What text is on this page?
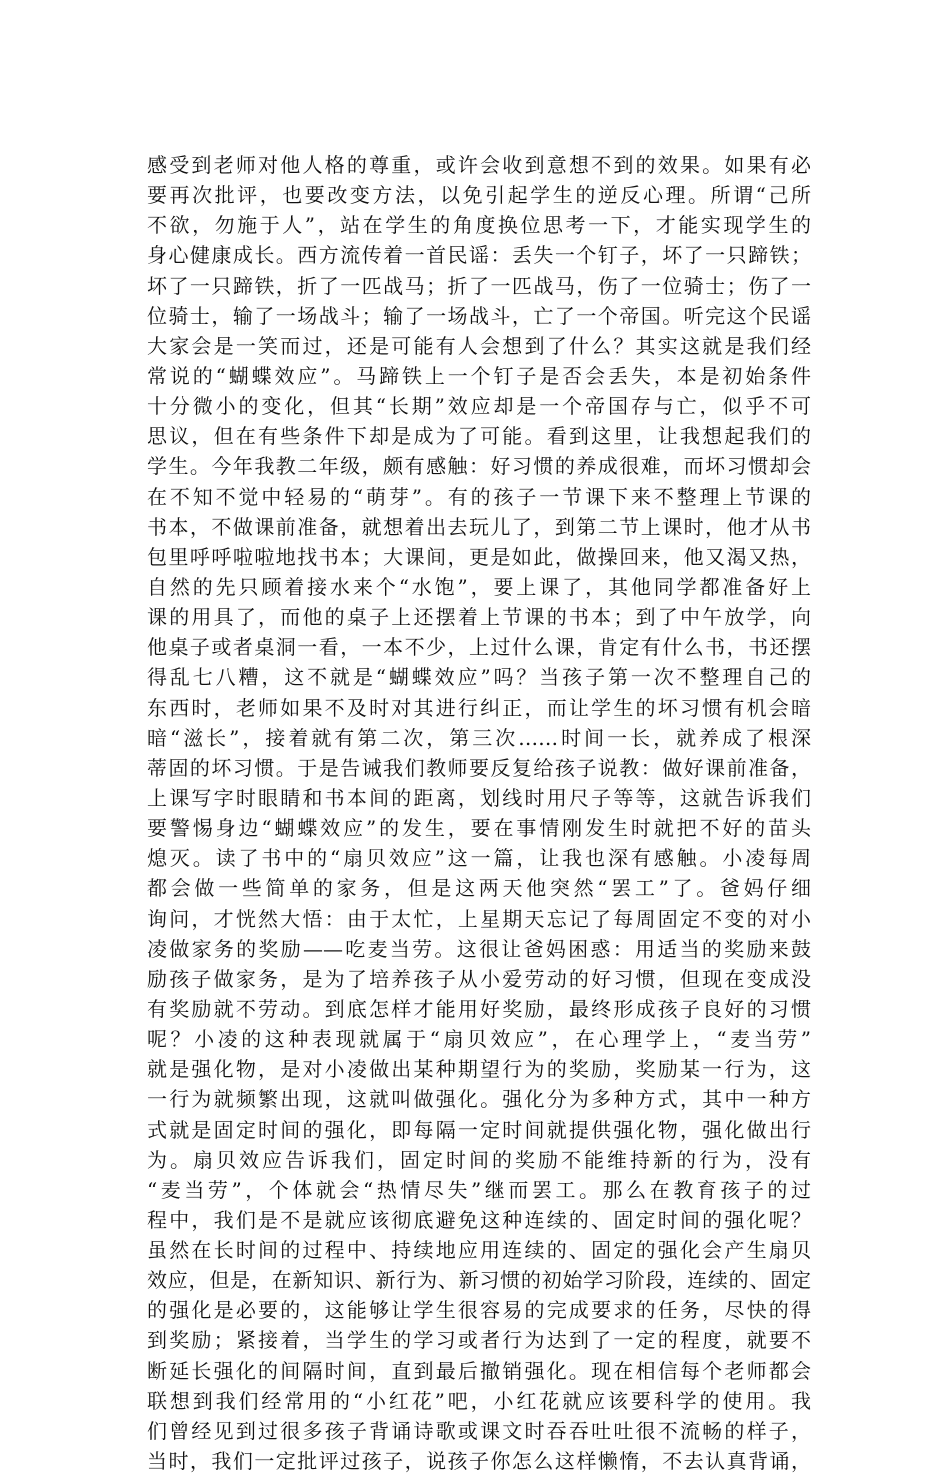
感受到老师对他人格的尊重，或许会收到意想不到的效果。如果有必
要再次批评，也要改变方法，以免引起学生的逆反心理。所谓“己所
不欲，勿施于人”，站在学生的角度换位思考一下，才能实现学生的
身心健康成长。西方流传着一首民谣：丢失一个钉子，坏了一只蹄铁；
坏了一只蹄铁，折了一匹战马；折了一匹战马，伤了一位骑士；伤了一
位骑士，输了一场战斗；输了一场战斗，亡了一个帝国。听完这个民谣
大家会是一笑而过，还是可能有人会想到了什么？其实这就是我们经
常说的“蝴蝶效应”。马蹄铁上一个钉子是否会丢失，本是初始条件
十分微小的变化，但其“长期”效应却是一个帝国存与亡，似乎不可
思议，但在有些条件下却是成为了可能。看到这里，让我想起我们的
学生。今年我教二年级，颇有感触：好习惯的养成很难，而坏习惯却会
在不知不觉中轻易的“萌芽”。有的孩子一节课下来不整理上节课的
书本，不做课前准备，就想着出去玩儿了，到第二节上课时，他才从书
包里呼呼啦啦地找书本；大课间，更是如此，做操回来，他又渴又热，
自然的先只顾着接水来个“水饱”，要上课了，其他同学都准备好上
课的用具了，而他的桌子上还摆着上节课的书本；到了中午放学，向
他桌子或者桌洞一看，一本不少，上过什么课，肯定有什么书，书还摆
得乱七八糟，这不就是“蝴蝶效应”吗？当孩子第一次不整理自己的
东西时，老师如果不及时对其进行纠正，而让学生的坏习惯有机会暗
暗“滋长”，接着就有第二次，第三次……时间一长，就养成了根深
蒂固的坏习惯。于是告诫我们教师要反复给孩子说教：做好课前准备，
上课写字时眼睛和书本间的距离，划线时用尺子等等，这就告诉我们
要警惕身边“蝴蝶效应”的发生，要在事情刚发生时就把不好的苗头
熄灭。读了书中的“扇贝效应”这一篇，让我也深有感触。小凌每周
都会做一些简单的家务，但是这两天他突然“罢工”了。爸妈仔细
询问，才恍然大悟：由于太忙，上星期天忘记了每周固定不变的对小
凌做家务的奖励——吃麦当劳。这很让爸妈困惑：用适当的奖励来鼓
励孩子做家务，是为了培养孩子从小爱劳动的好习惯，但现在变成没
有奖励就不劳动。到底怎样才能用好奖励，最终形成孩子良好的习惯
呢？小凌的这种表现就属于“扇贝效应”，在心理学上，“麦当劳”
就是强化物，是对小凌做出某种期望行为的奖励，奖励某一行为，这
一行为就频繁出现，这就叫做强化。强化分为多种方式，其中一种方
式就是固定时间的强化，即每隔一定时间就提供强化物，强化做出行
为。扇贝效应告诉我们，固定时间的奖励不能维持新的行为，没有
“麦当劳”，个体就会“热情尽失”继而罢工。那么在教育孩子的过
程中，我们是不是就应该彻底避免这种连续的、固定时间的强化呢？
虽然在长时间的过程中、持续地应用连续的、固定的强化会产生扇贝
效应，但是，在新知识、新行为、新习惯的初始学习阶段，连续的、固定
的强化是必要的，这能够让学生很容易的完成要求的任务，尽快的得
到奖励；紧接着，当学生的学习或者行为达到了一定的程度，就要不
断延长强化的间隔时间，直到最后撤销强化。现在相信每个老师都会
联想到我们经常用的“小红花”吧，小红花就应该要科学的使用。我
们曾经见到过很多孩子背诵诗歌或课文时吞吞吐吐很不流畅的样子，
当时，我们一定批评过孩子，说孩子你怎么这样懒惰，不去认真背诵，
